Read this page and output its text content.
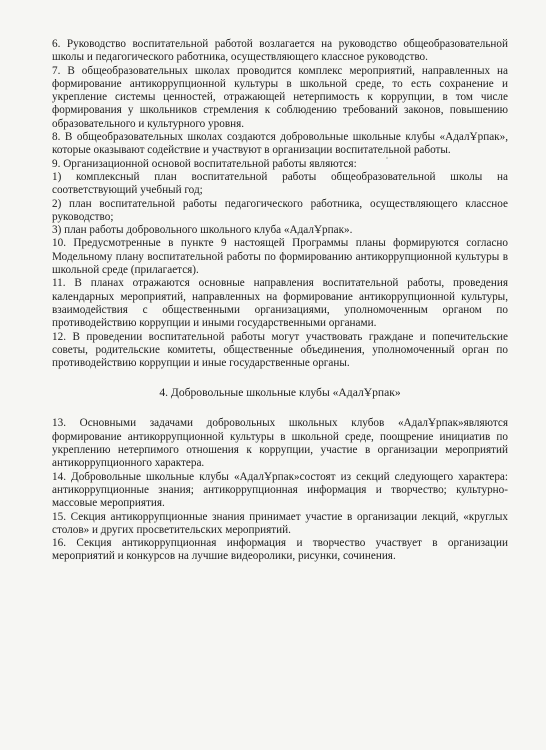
6. Руководство воспитательной работой возлагается на руководство общеобразовательной школы и педагогического работника, осуществляющего классное руководство.

7. В общеобразовательных школах проводится комплекс мероприятий, направленных на формирование антикоррупционной культуры в школьной среде, то есть сохранение и укрепление системы ценностей, отражающей нетерпимость к коррупции, в том числе формирования у школьников стремления к соблюдению требований законов, повышению образовательного и культурного уровня.

8. В общеобразовательных школах создаются добровольные школьные клубы «АдалҰрпак», которые оказывают содействие и участвуют в организации воспитательной работы.

9. Организационной основой воспитательной работы являются:

1) комплексный план воспитательной работы общеобразовательной школы на соответствующий учебный год;

2) план воспитательной работы педагогического работника, осуществляющего классное руководство;

3) план работы добровольного школьного клуба «АдалҰрпак».

10. Предусмотренные в пункте 9 настоящей Программы планы формируются согласно Модельному плану воспитательной работы по формированию антикоррупционной культуры в школьной среде (прилагается).

11. В планах отражаются основные направления воспитательной работы, проведения календарных мероприятий, направленных на формирование антикоррупционной культуры, взаимодействия с общественными организациями, уполномоченным органом по противодействию коррупции и иными государственными органами.

12. В проведении воспитательной работы могут участвовать граждане и попечительские советы, родительские комитеты, общественные объединения, уполномоченный орган по противодействию коррупции и иные государственные органы.

4. Добровольные школьные клубы «АдалҰрпак»

13. Основными задачами добровольных школьных клубов «АдалҰрпак»являются формирование антикоррупционной культуры в школьной среде, поощрение инициатив по укреплению нетерпимого отношения к коррупции, участие в организации мероприятий антикоррупционного характера.

14. Добровольные школьные клубы «АдалҰрпак»состоят из секций следующего характера: антикоррупционные знания; антикоррупционная информация и творчество; культурно-массовые мероприятия.

15. Секция антикоррупционные знания принимает участие в организации лекций, «круглых столов» и других просветительских мероприятий.

16. Секция антикоррупционная информация и творчество участвует в организации мероприятий и конкурсов на лучшие видеоролики, рисунки, сочинения.
